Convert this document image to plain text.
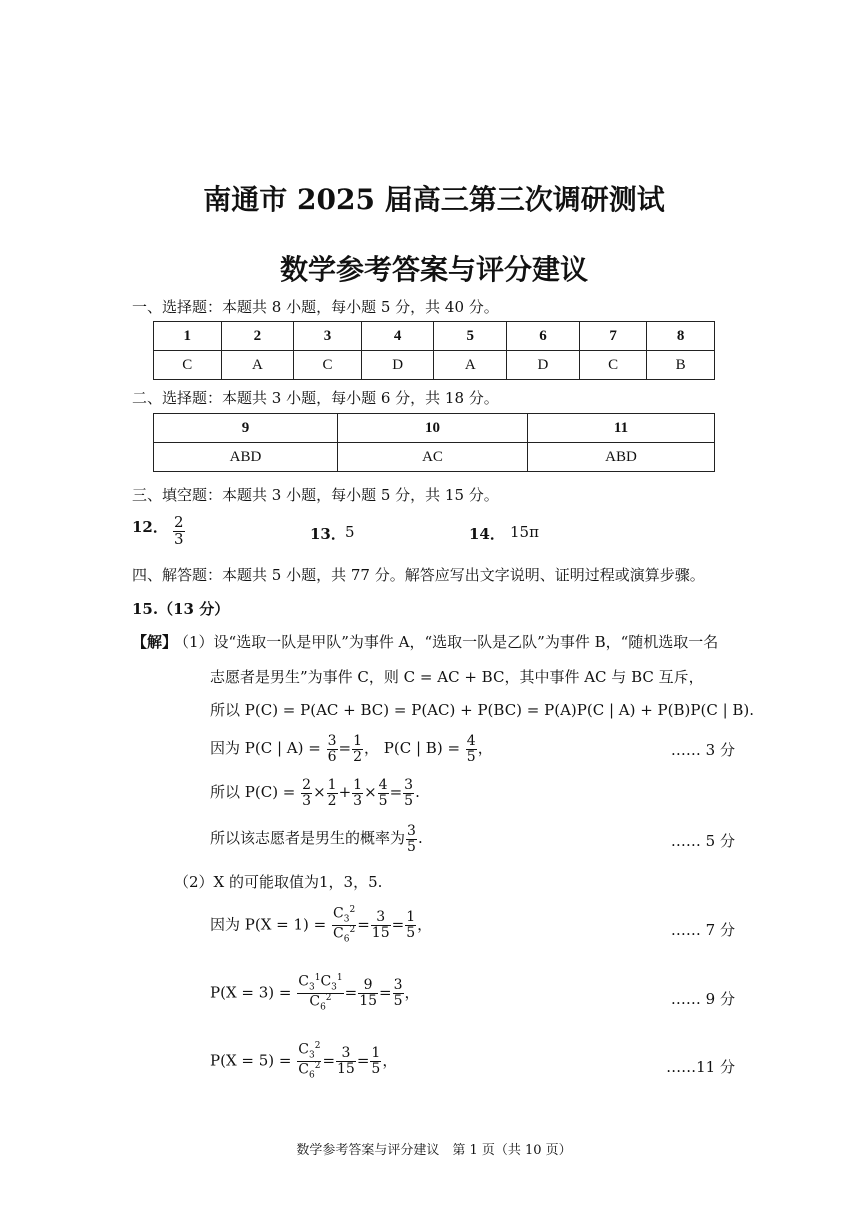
南通市 2025 届高三第三次调研测试
数学参考答案与评分建议
一、选择题：本题共 8 小题，每小题 5 分，共 40 分。
1	2	3	4	5	6	7	8
C	A	C	D	A	D	C	B
二、选择题：本题共 3 小题，每小题 6 分，共 18 分。
9	10	11
ABD	AC	ABD
三、填空题：本题共 3 小题，每小题 5 分，共 15 分。
12． $\frac{2}{3}$	13． 5	14． 15π
四、解答题：本题共 5 小题，共 77 分。解答应写出文字说明、证明过程或演算步骤。
15.（13 分）
【解】
（1）设“选取一队是甲队”为事件 A，“选取一队是乙队”为事件 B，“随机选取一名
志愿者是男生”为事件 C，则 C = AC + BC，其中事件 AC 与 BC 互斥，
所以 P(C) = P(AC + BC) = P(AC) + P(BC) = P(A)P(C | A) + P(B)P(C | B).
因为 P(C | $A) = \frac{3}{6} = \frac{1}{2}$ ， P(C | $B) = \frac{4}{5}$ ，	…… 3 分
所以 $P(C) = \frac{2}{3} \times \frac{1}{2} + \frac{1}{3} \times \frac{4}{5} = \frac{3}{5}$ .
所以该志愿者是男生的概率为 $\frac{3}{5}$ .	…… 5 分
（2）X 的可能取值为1，3，5.
因为 $P(X = 1) = \frac{C_3^2}{C_6^2} = \frac{3}{15} = \frac{1}{5}$ ，	…… 7 分
$P(X = 3) = \frac{C_3^1C_3^1}{C_6^2} = \frac{9}{15} = \frac{3}{5}$ ，	…… 9 分
$P(X = 5) = \frac{C_3^2}{C_6^2} = \frac{3}{15} = \frac{1}{5}$ ，	……11 分
数学参考答案与评分建议　第 1 页（共 10 页）
